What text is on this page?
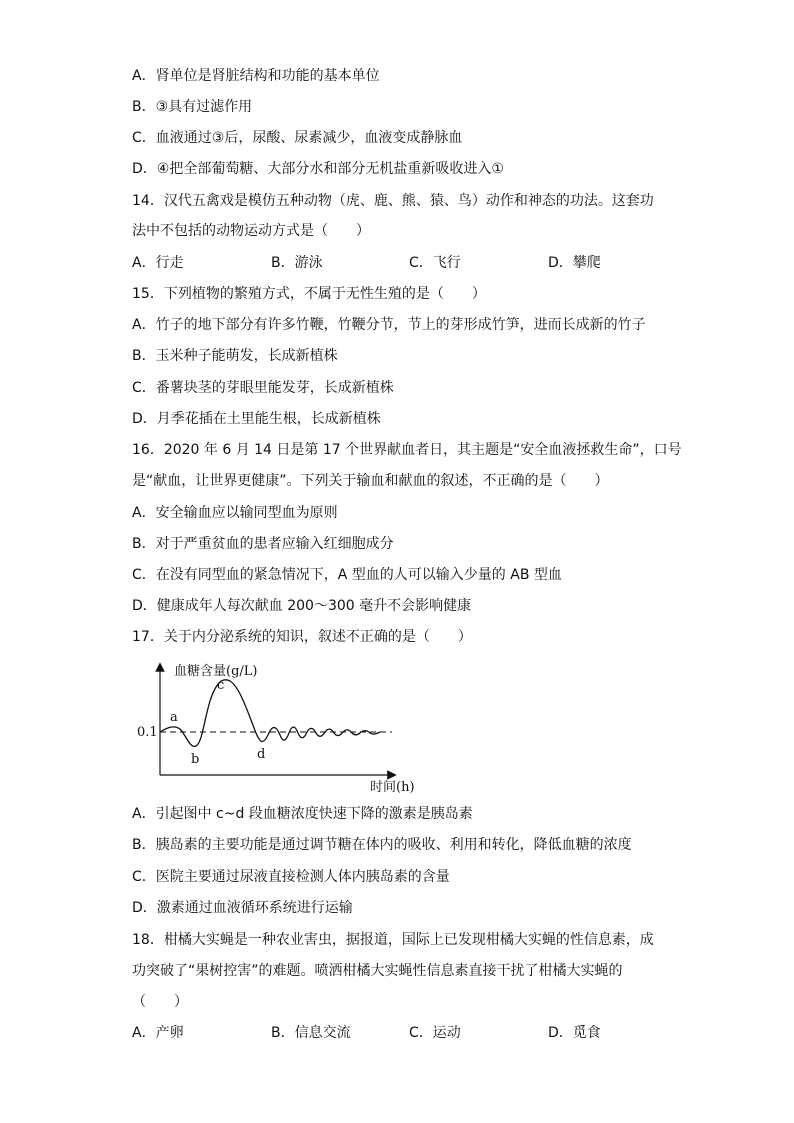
A．肾单位是肾脏结构和功能的基本单位
B．③具有过滤作用
C．血液通过③后，尿酸、尿素减少，血液变成静脉血
D．④把全部葡萄糖、大部分水和部分无机盐重新吸收进入①
14．汉代五禽戏是模仿五种动物（虎、鹿、熊、猿、鸟）动作和神态的功法。这套功
法中不包括的动物运动方式是（　　）
A．行走	B．游泳	C．飞行	D．攀爬
15．下列植物的繁殖方式，不属于无性生殖的是（　　）
A．竹子的地下部分有许多竹鞭，竹鞭分节，节上的芽形成竹笋，进而长成新的竹子
B．玉米种子能萌发，长成新植株
C．番薯块茎的芽眼里能发芽，长成新植株
D．月季花插在土里能生根，长成新植株
16．2020 年 6 月 14 日是第 17 个世界献血者日，其主题是“安全血液拯救生命”，口号
是“献血，让世界更健康”。下列关于输血和献血的叙述，不正确的是（　　）
A．安全输血应以输同型血为原则
B．对于严重贫血的患者应输入红细胞成分
C．在没有同型血的紧急情况下，A 型血的人可以输入少量的 AB 型血
D．健康成年人每次献血 200～300 毫升不会影响健康
17．关于内分泌系统的知识，叙述不正确的是（　　）
血糖含量(g/L)
时间(h)
0.1
a
b
c
d
A．引起图中 c~d 段血糖浓度快速下降的激素是胰岛素
B．胰岛素的主要功能是通过调节糖在体内的吸收、利用和转化，降低血糖的浓度
C．医院主要通过尿液直接检测人体内胰岛素的含量
D．激素通过血液循环系统进行运输
18．柑橘大实蝇是一种农业害虫，据报道，国际上已发现柑橘大实蝇的性信息素，成
功突破了“果树控害”的难题。喷洒柑橘大实蝇性信息素直接干扰了柑橘大实蝇的
（　　）
A．产卵	B．信息交流	C．运动	D．觅食
